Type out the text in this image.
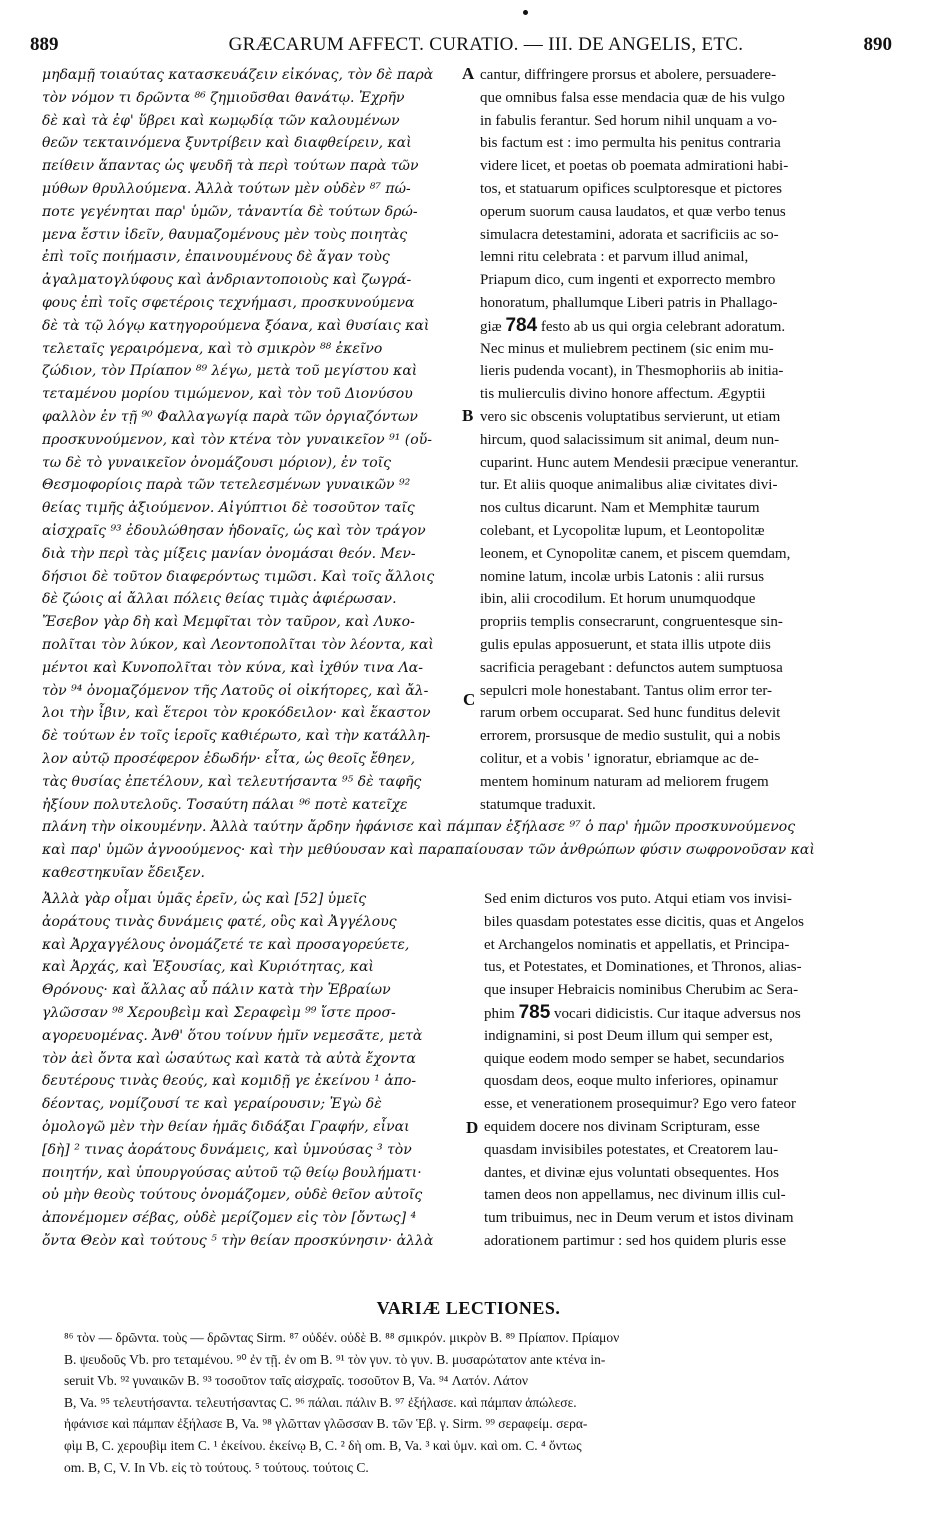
889	GRÆCARUM AFFECT. CURATIO. — III. DE ANGELIS, ETC.	890
μηδαμῇ τοιαύτας κατασκευάζειν εἰκόνας, τὸν δὲ παρὰ
τὸν νόμον τι δρῶντα ⁸⁶ ζημιοῦσθαι θανάτῳ. Ἐχρῆν
δὲ καὶ τὰ ἐφ' ὕβρει καὶ κωμῳδίᾳ τῶν καλουμένων
θεῶν τεκταινόμενα ξυντρίβειν καὶ διαφθείρειν, καὶ
πείθειν ἅπαντας ὡς ψευδῆ τὰ περὶ τούτων παρὰ τῶν
μύθων θρυλλούμενα. Ἀλλὰ τούτων μὲν οὐδὲν ⁸⁷ πώ-
ποτε γεγένηται παρ' ὑμῶν, τἀναντία δὲ τούτων δρώ-
μενα ἔστιν ἰδεῖν, θαυμαζομένους μὲν τοὺς ποιητὰς
ἐπὶ τοῖς ποιήμασιν, ἐπαινουμένους δὲ ἄγαν τοὺς
ἀγαλματογλύφους καὶ ἀνδριαντοποιοὺς καὶ ζωγρά-
φους ἐπὶ τοῖς σφετέροις τεχνήμασι, προσκυνούμενα
δὲ τὰ τῷ λόγῳ κατηγορούμενα ξόανα, καὶ θυσίαις καὶ
τελεταῖς γεραιρόμενα, καὶ τὸ σμικρὸν ⁸⁸ ἐκεῖνο
ζώδιον, τὸν Πρίαπον ⁸⁹ λέγω, μετὰ τοῦ μεγίστου καὶ
τεταμένου μορίου τιμώμενον, καὶ τὸν τοῦ Διονύσου
φαλλὸν ἐν τῇ ⁹⁰ Φαλλαγωγίᾳ παρὰ τῶν ὀργιαζόντων
προσκυνούμενον, καὶ τὸν κτένα τὸν γυναικεῖον ⁹¹ (οὕ-
τω δὲ τὸ γυναικεῖον ὀνομάζουσι μόριον), ἐν τοῖς
Θεσμοφορίοις παρὰ τῶν τετελεσμένων γυναικῶν ⁹²
θείας τιμῆς ἀξιούμενον. Αἰγύπτιοι δὲ τοσοῦτον ταῖς
αἰσχραῖς ⁹³ ἐδουλώθησαν ἡδοναῖς, ὡς καὶ τὸν τράγον
διὰ τὴν περὶ τὰς μίξεις μανίαν ὀνομάσαι θεόν. Μεν-
δήσιοι δὲ τοῦτον διαφερόντως τιμῶσι. Καὶ τοῖς ἄλλοις
δὲ ζώοις αἱ ἄλλαι πόλεις θείας τιμὰς ἀφιέρωσαν.
Ἔσεβον γὰρ δὴ καὶ Μεμφῖται τὸν ταῦρον, καὶ Λυκο-
πολῖται τὸν λύκον, καὶ Λεοντοπολῖται τὸν λέοντα, καὶ
μέντοι καὶ Κυνοπολῖται τὸν κύνα, καὶ ἰχθύν τινα Λα-
τὸν ⁹⁴ ὀνομαζόμενον τῆς Λατοῦς οἱ οἰκήτορες, καὶ ἄλ-
λοι τὴν ἶβιν, καὶ ἕτεροι τὸν κροκόδειλον· καὶ ἕκαστον
δὲ τούτων ἐν τοῖς ἱεροῖς καθιέρωτο, καὶ τὴν κατάλλη-
λον αὐτῷ προσέφερον ἐδωδήν· εἶτα, ὡς θεοῖς ἔθηεν,
τὰς θυσίας ἐπετέλουν, καὶ τελευτήσαντα ⁹⁵ δὲ ταφῆς
ἠξίουν πολυτελοῦς. Τοσαύτη πάλαι ⁹⁶ ποτὲ κατεῖχε
cantur, diffringere prorsus et abolere, persuadere-
que omnibus falsa esse mendacia quæ de his vulgo
in fabulis ferantur. Sed horum nihil unquam a vo-
bis factum est : imo permulta his penitus contraria
videre licet, et poetas ob poemata admirationi habi-
tos, et statuarum opifices sculptoresque et pictores
operum suorum causa laudatos, et quæ verbo tenus
simulacra detestamini, adorata et sacrificiis ac so-
lemni ritu celebrata : et parvum illud animal,
Priapum dico, cum ingenti et exporrecto membro
honoratum, phallumque Liberi patris in Phallago-
giæ 784 festo ab us qui orgia celebrant adoratum.
Nec minus et muliebrem pectinem (sic enim mu-
lieris pudenda vocant), in Thesmophoriis ab initia-
tis mulierculis divino honore affectum. Ægyptii
vero sic obscenis voluptatibus servierunt, ut etiam
hircum, quod salacissimum sit animal, deum nun-
cuparint. Hunc autem Mendesii præcipue venerantur.
tur. Et aliis quoque animalibus aliæ civitates divi-
nos cultus dicarunt. Nam et Memphitæ taurum
colebant, et Lycopolitæ lupum, et Leontopolitæ
leonem, et Cynopolitæ canem, et piscem quemdam,
nomine latum, incolæ urbis Latonis : alii rursus
ibin, alii crocodilum. Et horum unumquodque
propriis templis consecrarunt, congruentesque sin-
gulis epulas apposuerunt, et stata illis utpote diis
sacrificia peragebant : defunctos autem sumptuosa
sepulcri mole honestabant. Tantus olim error ter-
rarum orbem occuparat. Sed hunc funditus delevit
errorem, prorsusque de medio sustulit, qui a nobis
colitur, et a vobis ' ignoratur, ebriamque ac de-
mentem hominum naturam ad meliorem frugem
statumque traduxit.
πλάνη τὴν οἰκουμένην. Ἀλλὰ ταύτην ἄρδην ἠφάνισε καὶ πάμπαν ἐξήλασε ⁹⁷ ὁ παρ' ἡμῶν προσκυνούμενος
καὶ παρ' ὑμῶν ἀγνοούμενος· καὶ τὴν μεθύουσαν καὶ παραπαίουσαν τῶν ἀνθρώπων φύσιν σωφρονοῦσαν καὶ
καθεστηκυῖαν ἔδειξεν.
Ἀλλὰ γὰρ οἶμαι ὑμᾶς ἐρεῖν, ὡς καὶ [52] ὑμεῖς
ἀοράτους τινὰς δυνάμεις φατέ, οὓς καὶ Ἀγγέλους
καὶ Ἀρχαγγέλους ὀνομάζετέ τε καὶ προσαγορεύετε,
καὶ Ἀρχάς, καὶ Ἐξουσίας, καὶ Κυριότητας, καὶ
Θρόνους· καὶ ἄλλας αὖ πάλιν κατὰ τὴν Ἑβραίων
γλῶσσαν ⁹⁸ Χερουβεὶμ καὶ Σεραφεὶμ ⁹⁹ ἴστε προσ-
αγορευομένας. Ἀνθ' ὅτου τοίνυν ἡμῖν νεμεσᾶτε, μετὰ
τὸν ἀεὶ ὄντα καὶ ὡσαύτως καὶ κατὰ τὰ αὐτὰ ἔχοντα
δευτέρους τινὰς θεούς, καὶ κομιδῇ γε ἐκείνου ¹ ἀπο-
δέοντας, νομίζουσί τε καὶ γεραίρουσιν; Ἐγὼ δὲ
ὁμολογῶ μὲν τὴν θείαν ἡμᾶς διδάξαι Γραφήν, εἶναι
[δὴ] ² τινας ἀοράτους δυνάμεις, καὶ ὑμνούσας ³ τὸν
ποιητήν, καὶ ὑπουργούσας αὐτοῦ τῷ θείῳ βουλήματι·
οὐ μὴν θεοὺς τούτους ὀνομάζομεν, οὐδὲ θεῖον αὐτοῖς
ἀπονέμομεν σέβας, οὐδὲ μερίζομεν εἰς τὸν [ὄντως] ⁴
ὄντα Θεὸν καὶ τούτους ⁵ τὴν θείαν προσκύνησιν· ἀλλὰ
Sed enim dicturos vos puto. Atqui etiam vos invisi-
biles quasdam potestates esse dicitis, quas et Angelos
et Archangelos nominatis et appellatis, et Principa-
tus, et Potestates, et Dominationes, et Thronos, alias-
que insuper Hebraicis nominibus Cherubim ac Sera-
phim 785 vocari didicistis. Cur itaque adversus nos
indignamini, si post Deum illum qui semper est,
quique eodem modo semper se habet, secundarios
quosdam deos, eoque multo inferiores, opinamur
esse, et venerationem prosequimur? Ego vero fateor
equidem docere nos divinam Scripturam, esse
quasdam invisibiles potestates, et Creatorem lau-
dantes, et divinæ ejus voluntati obsequentes. Hos
tamen deos non appellamus, nec divinum illis cul-
tum tribuimus, nec in Deum verum et istos divinam
adorationem partimur : sed hos quidem pluris esse
A
B
C
D
VARIÆ LECTIONES.
⁸⁶ τὸν — δρῶντα. τοὺς — δρῶντας Sirm. ⁸⁷ οὐδέν. οὐδὲ B. ⁸⁸ σμικρόν. μικρὸν B. ⁸⁹ Πρίαπον. Πρίαμον
B. ψευδοῦς Vb. pro τεταμένου. ⁹⁰ ἐν τῇ. ἐν om B. ⁹¹ τὸν γυν. τὸ γυν. B. μυσαρώτατον ante κτένα in-
seruit Vb. ⁹² γυναικῶν B. ⁹³ τοσοῦτον ταῖς αἰσχραῖς. τοσοῦτον B, Va. ⁹⁴ Λατόν. Λάτον
B, Va. ⁹⁵ τελευτήσαντα. τελευτήσαντας C. ⁹⁶ πάλαι. πάλιν B. ⁹⁷ ἐξήλασε. καὶ πάμπαν ἀπώλεσε.
ἠφάνισε καὶ πάμπαν ἐξήλασε B, Va. ⁹⁸ γλῶτταν γλῶσσαν B. τῶν Ἑβ. γ. Sirm. ⁹⁹ σεραφείμ. σερα-
φὶμ B, C. χερουβὶμ item C. ¹ ἐκείνου. ἐκείνῳ B, C. ² δὴ om. B, Va. ³ καὶ ὑμν. καὶ om. C. ⁴ ὄντως
om. B, C, V. In Vb. εἰς τὸ τούτους. ⁵ τούτους. τούτοις C.
